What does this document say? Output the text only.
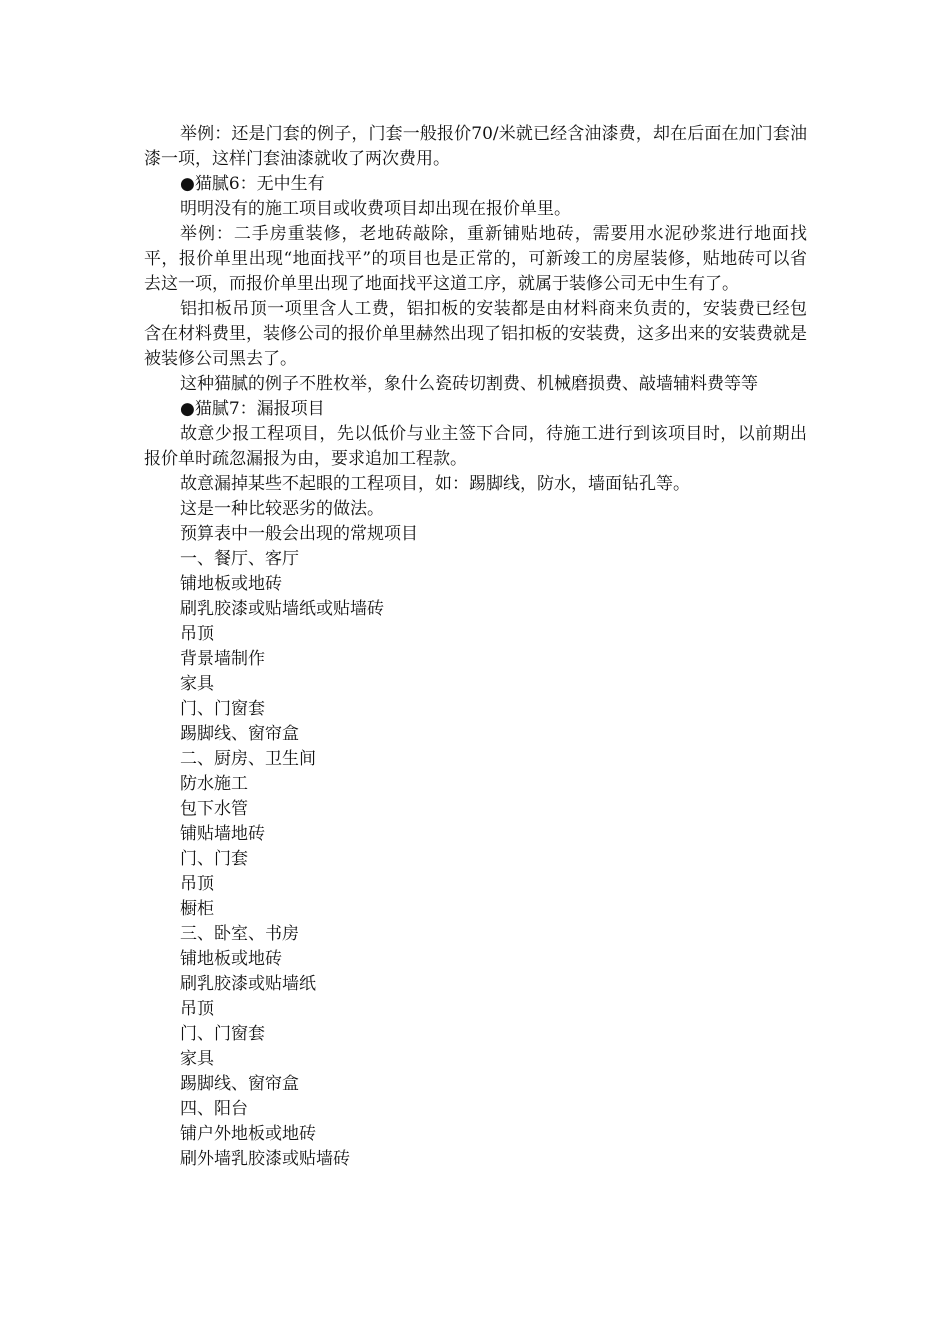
举例：还是门套的例子，门套一般报价70/米就已经含油漆费，却在后面在加门套油漆一项，这样门套油漆就收了两次费用。

●猫腻6：无中生有

明明没有的施工项目或收费项目却出现在报价单里。

举例：二手房重装修，老地砖敲除，重新铺贴地砖，需要用水泥砂浆进行地面找平，报价单里出现“地面找平”的项目也是正常的，可新竣工的房屋装修，贴地砖可以省去这一项，而报价单里出现了地面找平这道工序，就属于装修公司无中生有了。

铝扣板吊顶一项里含人工费，铝扣板的安装都是由材料商来负责的，安装费已经包含在材料费里，装修公司的报价单里赫然出现了铝扣板的安装费，这多出来的安装费就是被装修公司黑去了。

这种猫腻的例子不胜枚举，象什么瓷砖切割费、机械磨损费、敲墙辅料费等等

●猫腻7：漏报项目

故意少报工程项目，先以低价与业主签下合同，待施工进行到该项目时，以前期出报价单时疏忽漏报为由，要求追加工程款。

故意漏掉某些不起眼的工程项目，如：踢脚线，防水，墙面钻孔等。

这是一种比较恶劣的做法。

预算表中一般会出现的常规项目

一、餐厅、客厅

铺地板或地砖

刷乳胶漆或贴墙纸或贴墙砖

吊顶

背景墙制作

家具

门、门窗套

踢脚线、窗帘盒

二、厨房、卫生间

防水施工

包下水管

铺贴墙地砖

门、门套

吊顶

橱柜

三、卧室、书房

铺地板或地砖

刷乳胶漆或贴墙纸

吊顶

门、门窗套

家具

踢脚线、窗帘盒

四、阳台

铺户外地板或地砖

刷外墙乳胶漆或贴墙砖
